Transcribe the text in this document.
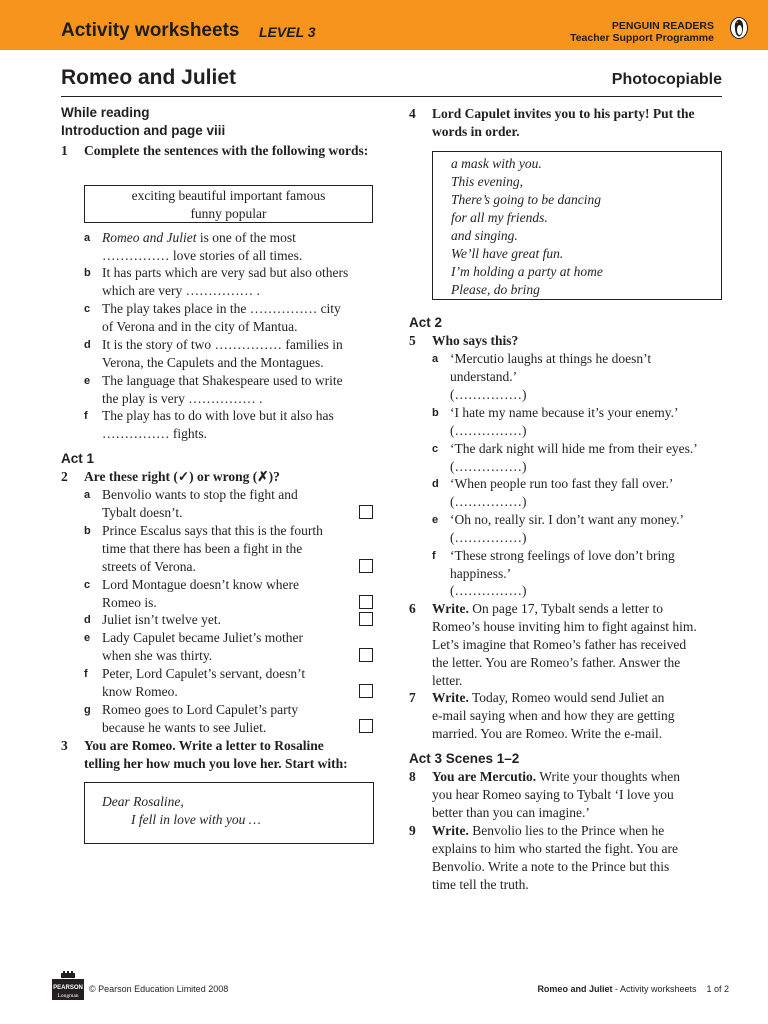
Activity worksheets LEVEL 3	PENGUIN READERS
Teacher Support Programme
Romeo and Juliet	Photocopiable
While reading
Introduction and page viii
1 Complete the sentences with the following words:
exciting beautiful important famous
funny popular
a Romeo and Juliet is one of the most
…………… love stories of all times.
b It has parts which are very sad but also others
which are very …………… .
c The play takes place in the …………… city
of Verona and in the city of Mantua.
d It is the story of two …………… families in
Verona, the Capulets and the Montagues.
e The language that Shakespeare used to write
the play is very …………… .
f The play has to do with love but it also has
…………… fights.
Act 1
2 Are these right (✓) or wrong (✗)?
a Benvolio wants to stop the fight and
Tybalt doesn’t.
b Prince Escalus says that this is the fourth
time that there has been a fight in the
streets of Verona.
c Lord Montague doesn’t know where
Romeo is.
d Juliet isn’t twelve yet.
e Lady Capulet became Juliet’s mother
when she was thirty.
f Peter, Lord Capulet’s servant, doesn’t
know Romeo.
g Romeo goes to Lord Capulet’s party
because he wants to see Juliet.
3 You are Romeo. Write a letter to Rosaline
telling her how much you love her. Start with:
Dear Rosaline,
I fell in love with you …
4 Lord Capulet invites you to his party! Put the
words in order.
a mask with you.
This evening,
There’s going to be dancing
for all my friends.
and singing.
We’ll have great fun.
I’m holding a party at home
Please, do bring
Act 2
5 Who says this?
a ‘Mercutio laughs at things he doesn’t
understand.’
(……………)
b ‘I hate my name because it’s your enemy.’
(……………)
c ‘The dark night will hide me from their eyes.’
(……………)
d ‘When people run too fast they fall over.’
(……………)
e ‘Oh no, really sir. I don’t want any money.’
(……………)
f ‘These strong feelings of love don’t bring
happiness.’
(……………)
6 Write. On page 17, Tybalt sends a letter to
Romeo’s house inviting him to fight against him.
Let’s imagine that Romeo’s father has received
the letter. You are Romeo’s father. Answer the
letter.
7 Write. Today, Romeo would send Juliet an
e-mail saying when and how they are getting
married. You are Romeo. Write the e-mail.
Act 3 Scenes 1–2
8 You are Mercutio. Write your thoughts when
you hear Romeo saying to Tybalt ‘I love you
better than you can imagine.’
9 Write. Benvolio lies to the Prince when he
explains to him who started the fight. You are
Benvolio. Write a note to the Prince but this
time tell the truth.
PEARSON
Longman
© Pearson Education Limited 2008	Romeo and Juliet - Activity worksheets    1 of 2
